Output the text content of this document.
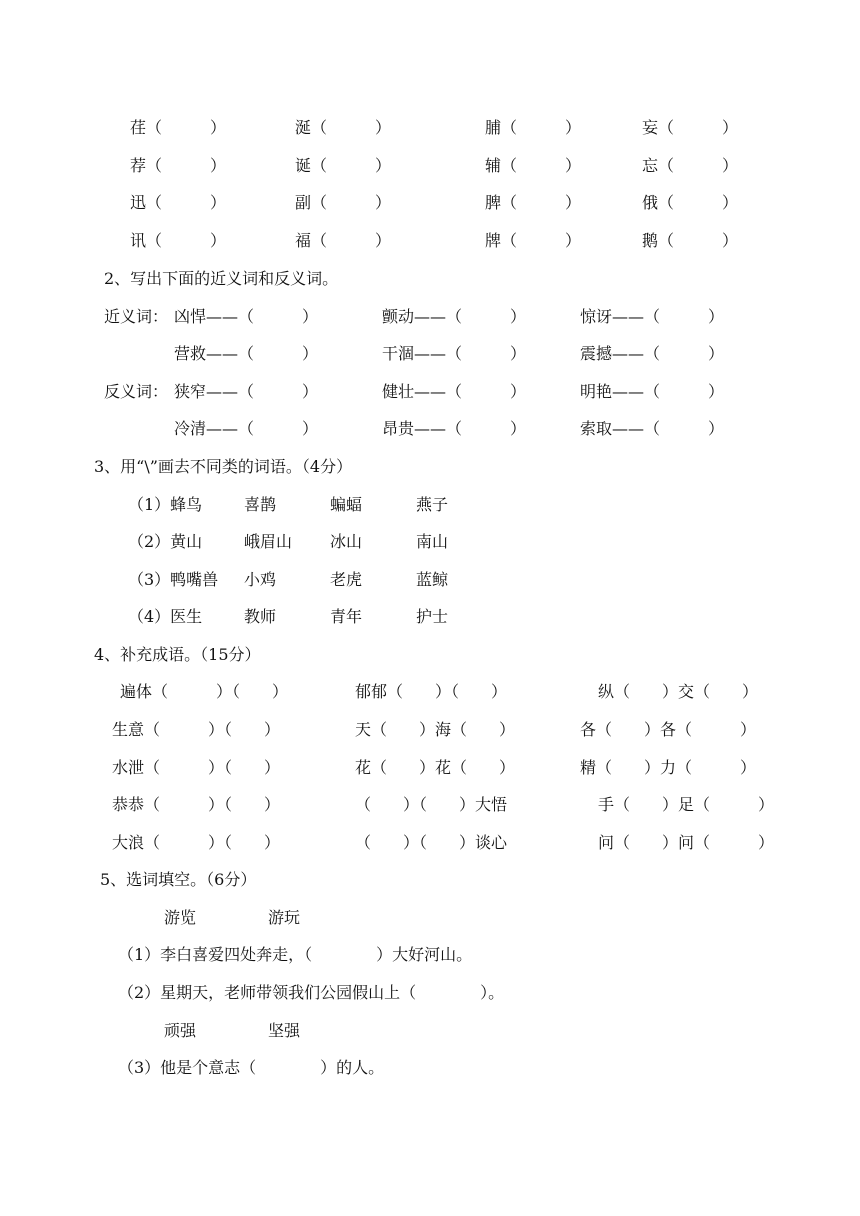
荏（　　　）	涎（　　　）	脯（　　　）	妄（　　　）
荐（　　　）	诞（　　　）	辅（　　　）	忘（　　　）
迅（　　　）	副（　　　）	脾（　　　）	俄（　　　）
讯（　　　）	福（　　　）	牌（　　　）	鹅（　　　）
2、写出下面的近义词和反义词。
近义词： 凶悍——（　　　）	颤动——（　　　）	惊讶——（　　　）
营救——（　　　）	干涸——（　　　）	震撼——（　　　）
反义词： 狭窄——（　　　）	健壮——（　　　）	明艳——（　　　）
冷清——（　　　）	昂贵——（　　　）	索取——（　　　）
3、用“\”画去不同类的词语。（4分）
（1）蜂鸟	喜鹊	蝙蝠	燕子
（2）黄山	峨眉山 冰山	南山
（3）鸭嘴兽 小鸡	老虎	蓝鲸
（4）医生	教师	青年	护士
4、补充成语。（15分）
遍体（　　　）（　　）	郁郁（　　）（　　）	纵（　　）交（　　）
生意（　　　）（　　）	天（　　）海（　　）	各（　　）各（　　　）
水泄（　　　）（　　）	花（　　）花（　　）	精（　　）力（　　　）
恭恭（　　　）（　　）	（　　）（　　）大悟	手（　　）足（　　　）
大浪（　　　）（　　）	（　　）（　　）谈心	问（　　）问（　　　）
5、选词填空。（6分）
游览	游玩
（1）李白喜爱四处奔走，（　　　　）大好河山。
（2）星期天，老师带领我们公园假山上（　　　　）。
顽强	坚强
（3）他是个意志（　　　　）的人。
